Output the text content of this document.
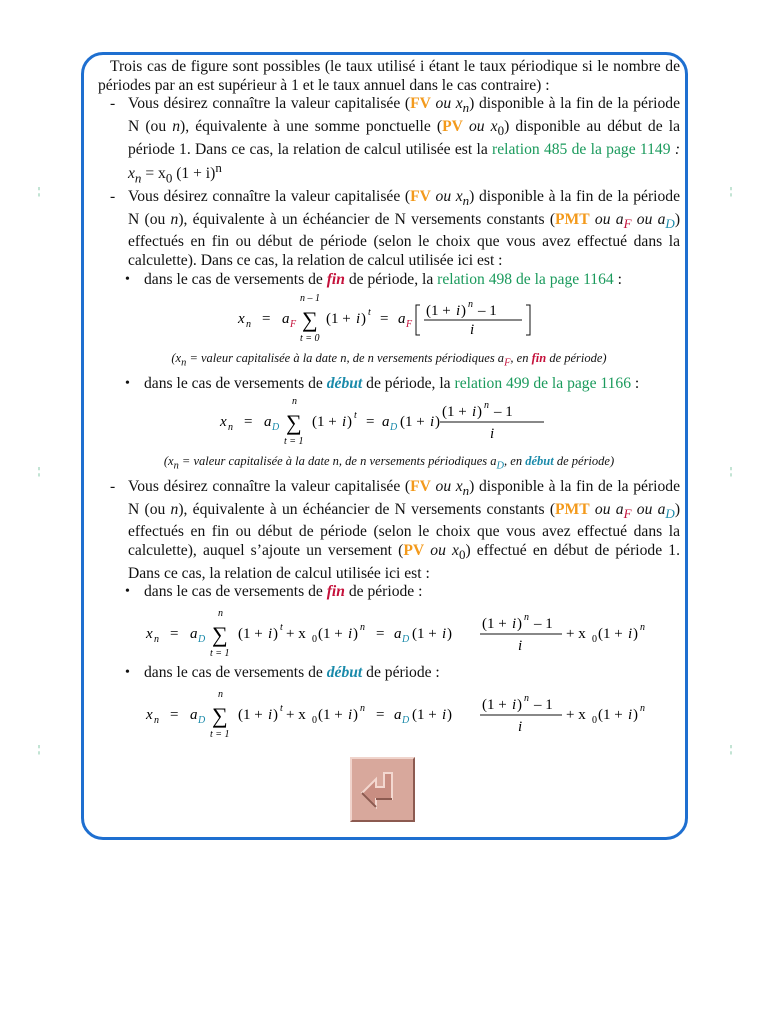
¦	¦
¦	¦
¦	¦

Trois cas de figure sont possibles (le taux utilisé i étant le taux périodique si le nombre de périodes par an est supérieur à 1 et le taux annuel dans le cas contraire) :

- Vous désirez connaître la valeur capitalisée (FV ou $x_n$) disponible à la fin de la période N (ou n), équivalente à une somme ponctuelle (PV ou $x_0$) disponible au début de la période 1. Dans ce cas, la relation de calcul utilisée est la relation 485 de la page 1149 : $x_n = x_0$ $(1 + i)^n$

- Vous désirez connaître la valeur capitalisée (FV ou $x_n$) disponible à la fin de la période N (ou n), équivalente à un échéancier de N versements constants (PMT ou $a_F$ ou $a_D$) effectués en fin ou début de période (selon le choix que vous avez effectué dans la calculette). Dans ce cas, la relation de calcul utilisée ici est :

• dans le cas de versements de fin de période, la relation 498 de la page 1164 :

x n = a F
n – 1
∑
t = 0
(1 + i ) t = a F
(1 + i ) n – 1
i

($x_n$ = valeur capitalisée à la date n, de n versements périodiques $a_F$, en fin de période)

• dans le cas de versements de début de période, la relation 499 de la page 1166 :

x n = a D
n
∑
t = 1
(1 + i ) t = a D (1 + i )
(1 + i ) n – 1
i

($x_n$ = valeur capitalisée à la date n, de n versements périodiques $a_D$, en début de période)

- Vous désirez connaître la valeur capitalisée (FV ou $x_n$) disponible à la fin de la période N (ou n), équivalente à un échéancier de N versements constants (PMT ou $a_F$ ou $a_D$) effectués en fin ou début de période (selon le choix que vous avez effectué dans la calculette), auquel s’ajoute un versement (PV ou $x_0$) effectué en début de période 1. Dans ce cas, la relation de calcul utilisée ici est :

• dans le cas de versements de fin de période :

x n = a D
n
∑
t = 1
(1 + i ) t + x 0 (1 + i ) n = a D (1 + i )
(1 + i ) n – 1
i
+ x 0 (1 + i ) n

• dans le cas de versements de début de période :

x n = a D
n
∑
t = 1
(1 + i ) t + x 0 (1 + i ) n = a D (1 + i )
(1 + i ) n – 1
i
+ x 0 (1 + i ) n
